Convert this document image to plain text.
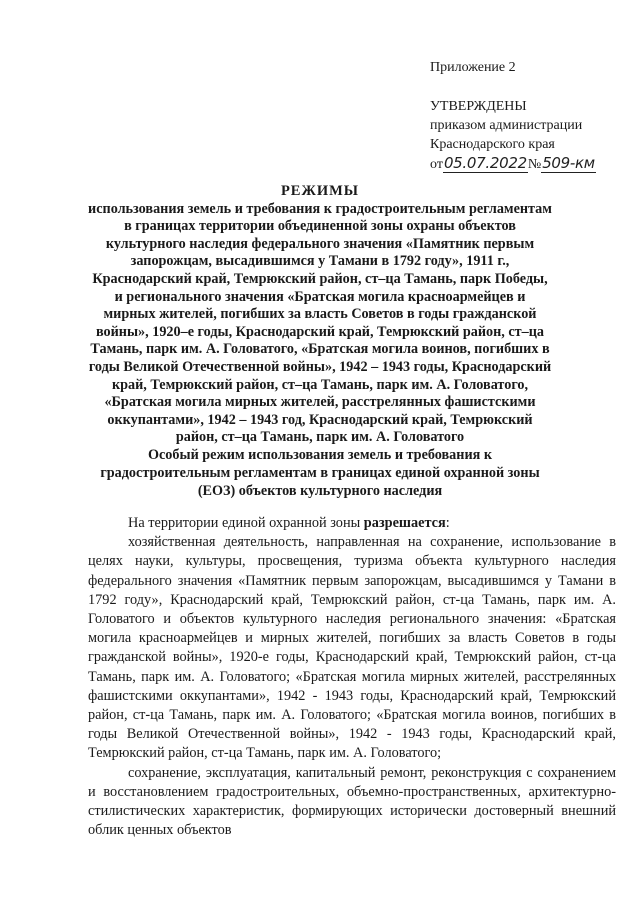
Приложение 2
УТВЕРЖДЕНЫ
приказом администрации
Краснодарского края
от05.07.2022№509-км
РЕЖИМЫ
использования земель и требования к градостроительным регламентам в границах территории объединенной зоны охраны объектов культурного наследия федерального значения «Памятник первым запорожцам, высадившимся у Тамани в 1792 году», 1911 г., Краснодарский край, Темрюкский район, ст–ца Тамань, парк Победы, и регионального значения «Братская могила красноармейцев и мирных жителей, погибших за власть Советов в годы гражданской войны», 1920–е годы, Краснодарский край, Темрюкский район, ст–ца Тамань, парк им. А. Головатого, «Братская могила воинов, погибших в годы Великой Отечественной войны», 1942 – 1943 годы, Краснодарский край, Темрюкский район, ст–ца Тамань, парк им. А. Головатого, «Братская могила мирных жителей, расстрелянных фашистскими оккупантами», 1942 – 1943 год, Краснодарский край, Темрюкский район, ст–ца Тамань, парк им. А. Головатого
Особый режим использования земель и требования к градостроительным регламентам в границах единой охранной зоны (ЕОЗ) объектов культурного наследия

На территории единой охранной зоны разрешается:

хозяйственная деятельность, направленная на сохранение, использование в целях науки, культуры, просвещения, туризма объекта культурного наследия федерального значения «Памятник первым запорожцам, высадившимся у Тамани в 1792 году», Краснодарский край, Темрюкский район, ст-ца Тамань, парк им. А. Головатого и объектов культурного наследия регионального значения: «Братская могила красноармейцев и мирных жителей, погибших за власть Советов в годы гражданской войны», 1920-е годы, Краснодарский край, Темрюкский район, ст-ца Тамань, парк им. А. Головатого; «Братская могила мирных жителей, расстрелянных фашистскими оккупантами», 1942 - 1943 годы, Краснодарский край, Темрюкский район, ст-ца Тамань, парк им. А. Головатого; «Братская могила воинов, погибших в годы Великой Отечественной войны», 1942 - 1943 годы, Краснодарский край, Темрюкский район, ст-ца Тамань, парк им. А. Головатого;

сохранение, эксплуатация, капитальный ремонт, реконструкция с сохранением и восстановлением градостроительных, объемно-пространственных, архитектурно-стилистических характеристик, формирующих исторически достоверный внешний облик ценных объектов
